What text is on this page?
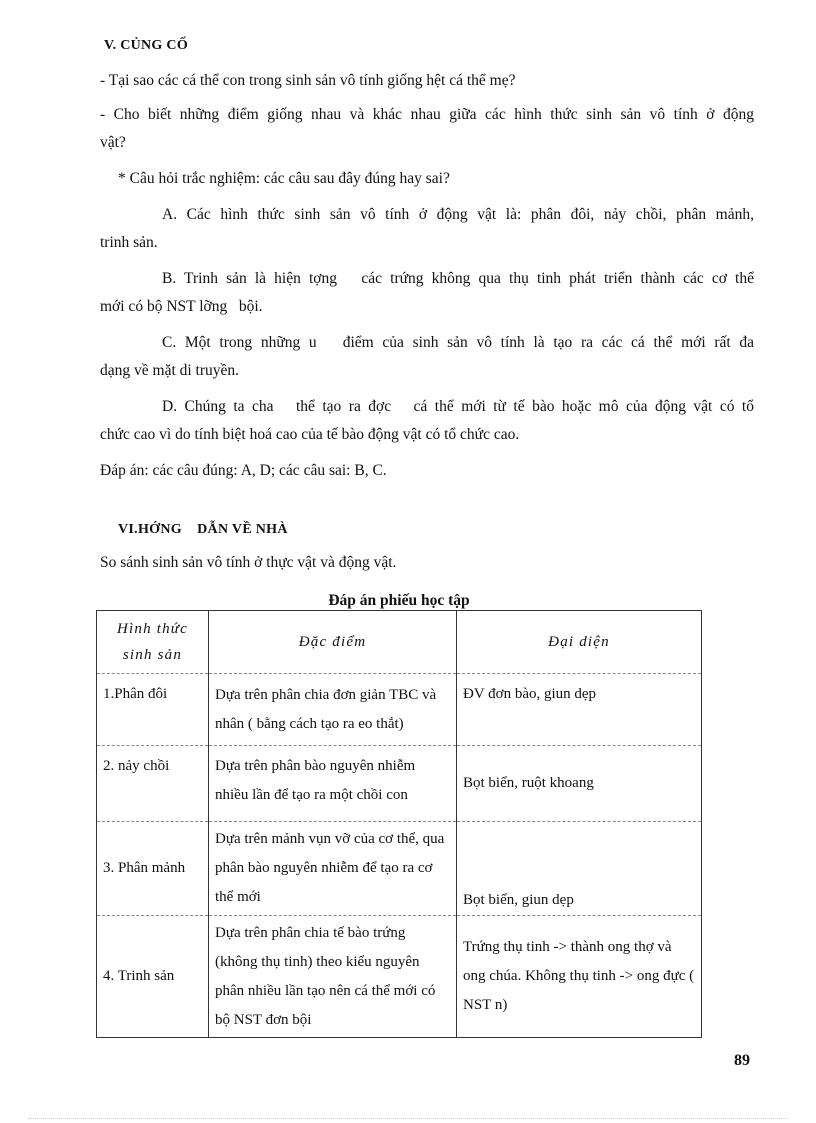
V. CỦNG CỐ
- Tại sao các cá thể con trong sinh sản vô tính giống hệt cá thể mẹ?
- Cho biết những điểm giống nhau và khác nhau giữa các hình thức sinh sản vô tính ở động
vật?
* Câu hỏi trắc nghiệm: các câu sau đây đúng hay sai?
A. Các hình thức sinh sản vô tính ở động vật là: phân đôi, nảy chồi, phân mảnh,
trinh sản.
B. Trinh sản là hiện tợng   các trứng không qua thụ tinh phát triển thành các cơ thể
mới có bộ NST lỡng   bội.
C. Một trong những u   điểm của sinh sản vô tính là tạo ra các cá thể mới rất đa
dạng về mặt di truyền.
D. Chúng ta cha   thể tạo ra đợc   cá thể mới từ tế bào hoặc mô của động vật có tổ
chức cao vì do tính biệt hoá cao của tế bào động vật có tổ chức cao.
Đáp án: các câu đúng: A, D; các câu sai: B, C.
VI.HỚNG    DẪN VỀ NHÀ
So sánh sinh sản vô tính ở thực vật và động vật.
Đáp án phiếu học tập
Hình thức sinh sản	Đặc điểm	Đại diện
1.Phân đôi	Dựa trên phân chia đơn giản TBC và nhân ( bằng cách tạo ra eo thắt)	ĐV đơn bào, giun dẹp
2. nảy chồi	Dựa trên phân bào nguyên nhiễm nhiều lần để tạo ra một chồi con	Bọt biển, ruột khoang
3. Phân mảnh	Dựa trên mảnh vụn vỡ của cơ thể, qua phân bào nguyên nhiễm để tạo ra cơ thể mới	Bọt biển, giun dẹp
4. Trinh sản	Dựa trên phân chia tế bào trứng (không thụ tinh) theo kiểu nguyên phân nhiều lần tạo nên cá thể mới có bộ NST đơn bội	Trứng thụ tinh -> thành ong thợ và ong chúa. Không thụ tinh -> ong đực ( NST n)
89
